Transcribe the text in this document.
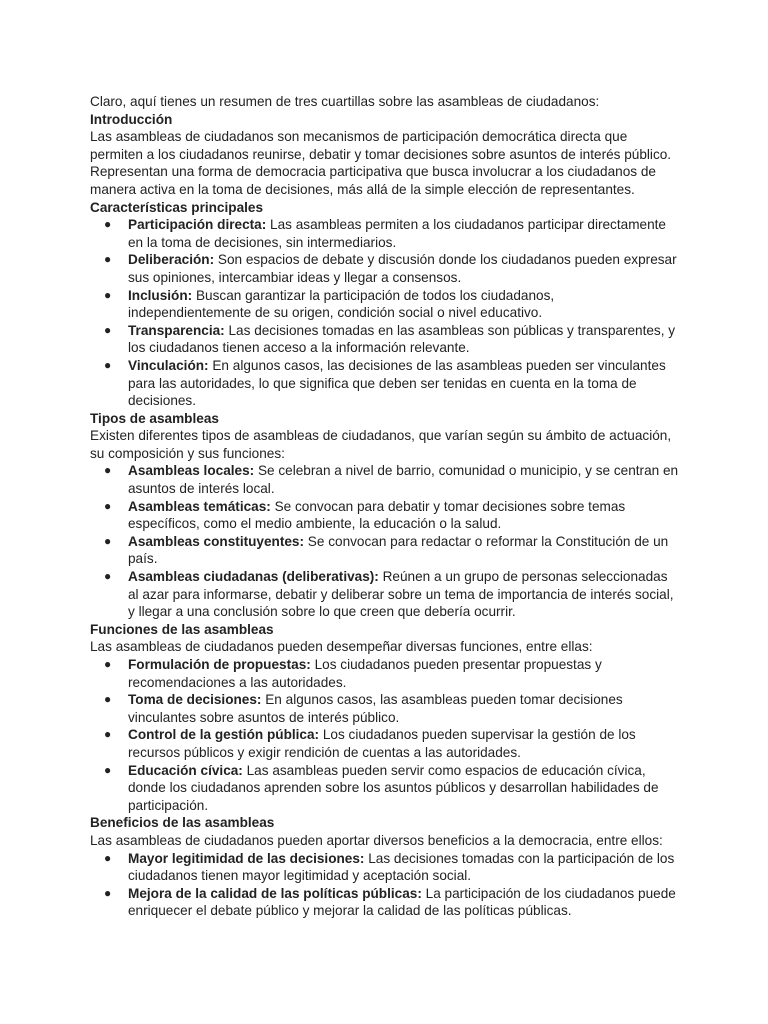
Claro, aquí tienes un resumen de tres cuartillas sobre las asambleas de ciudadanos:

Introducción

Las asambleas de ciudadanos son mecanismos de participación democrática directa que permiten a los ciudadanos reunirse, debatir y tomar decisiones sobre asuntos de interés público. Representan una forma de democracia participativa que busca involucrar a los ciudadanos de manera activa en la toma de decisiones, más allá de la simple elección de representantes.

Características principales

● Participación directa: Las asambleas permiten a los ciudadanos participar directamente en la toma de decisiones, sin intermediarios.
● Deliberación: Son espacios de debate y discusión donde los ciudadanos pueden expresar sus opiniones, intercambiar ideas y llegar a consensos.
● Inclusión: Buscan garantizar la participación de todos los ciudadanos, independientemente de su origen, condición social o nivel educativo.
● Transparencia: Las decisiones tomadas en las asambleas son públicas y transparentes, y los ciudadanos tienen acceso a la información relevante.
● Vinculación: En algunos casos, las decisiones de las asambleas pueden ser vinculantes para las autoridades, lo que significa que deben ser tenidas en cuenta en la toma de decisiones.

Tipos de asambleas

Existen diferentes tipos de asambleas de ciudadanos, que varían según su ámbito de actuación, su composición y sus funciones:

● Asambleas locales: Se celebran a nivel de barrio, comunidad o municipio, y se centran en asuntos de interés local.
● Asambleas temáticas: Se convocan para debatir y tomar decisiones sobre temas específicos, como el medio ambiente, la educación o la salud.
● Asambleas constituyentes: Se convocan para redactar o reformar la Constitución de un país.
● Asambleas ciudadanas (deliberativas): Reúnen a un grupo de personas seleccionadas al azar para informarse, debatir y deliberar sobre un tema de importancia de interés social, y llegar a una conclusión sobre lo que creen que debería ocurrir.

Funciones de las asambleas

Las asambleas de ciudadanos pueden desempeñar diversas funciones, entre ellas:

● Formulación de propuestas: Los ciudadanos pueden presentar propuestas y recomendaciones a las autoridades.
● Toma de decisiones: En algunos casos, las asambleas pueden tomar decisiones vinculantes sobre asuntos de interés público.
● Control de la gestión pública: Los ciudadanos pueden supervisar la gestión de los recursos públicos y exigir rendición de cuentas a las autoridades.
● Educación cívica: Las asambleas pueden servir como espacios de educación cívica, donde los ciudadanos aprenden sobre los asuntos públicos y desarrollan habilidades de participación.

Beneficios de las asambleas

Las asambleas de ciudadanos pueden aportar diversos beneficios a la democracia, entre ellos:

● Mayor legitimidad de las decisiones: Las decisiones tomadas con la participación de los ciudadanos tienen mayor legitimidad y aceptación social.
● Mejora de la calidad de las políticas públicas: La participación de los ciudadanos puede enriquecer el debate público y mejorar la calidad de las políticas públicas.
